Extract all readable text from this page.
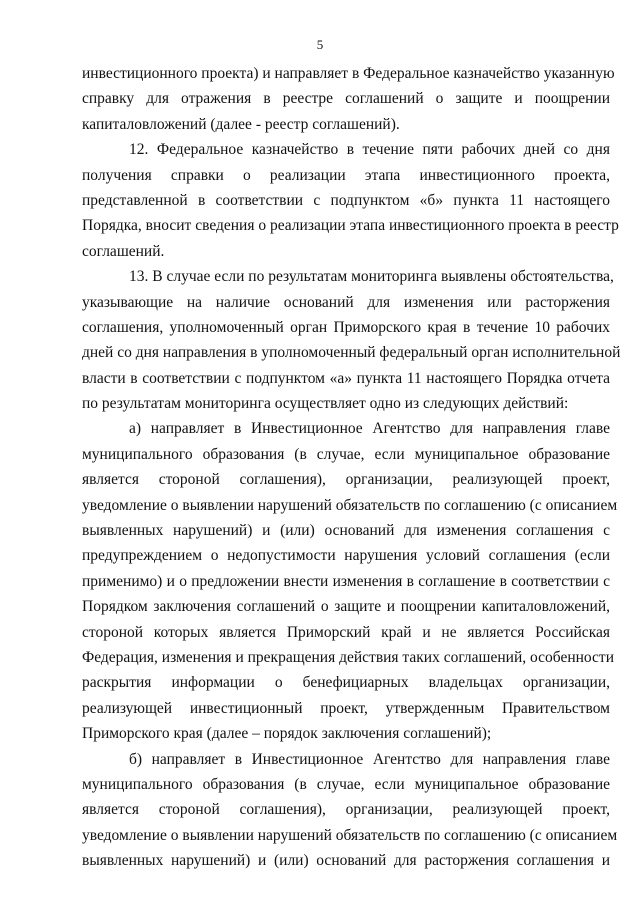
5
инвестиционного проекта) и направляет в Федеральное казначейство указанную
справку для отражения в реестре соглашений о защите и поощрении
капиталовложений (далее - реестр соглашений).
12. Федеральное казначейство в течение пяти рабочих дней со дня
получения справки о реализации этапа инвестиционного проекта,
представленной в соответствии с подпунктом «б» пункта 11 настоящего
Порядка, вносит сведения о реализации этапа инвестиционного проекта в реестр
соглашений.
13. В случае если по результатам мониторинга выявлены обстоятельства,
указывающие на наличие оснований для изменения или расторжения
соглашения, уполномоченный орган Приморского края в течение 10 рабочих
дней со дня направления в уполномоченный федеральный орган исполнительной
власти в соответствии с подпунктом «а» пункта 11 настоящего Порядка отчета
по результатам мониторинга осуществляет одно из следующих действий:
а) направляет в Инвестиционное Агентство для направления главе
муниципального образования (в случае, если муниципальное образование
является стороной соглашения), организации, реализующей проект,
уведомление о выявлении нарушений обязательств по соглашению (с описанием
выявленных нарушений) и (или) оснований для изменения соглашения с
предупреждением о недопустимости нарушения условий соглашения (если
применимо) и о предложении внести изменения в соглашение в соответствии с
Порядком заключения соглашений о защите и поощрении капиталовложений,
стороной которых является Приморский край и не является Российская
Федерация, изменения и прекращения действия таких соглашений, особенности
раскрытия информации о бенефициарных владельцах организации,
реализующей инвестиционный проект, утвержденным Правительством
Приморского края (далее – порядок заключения соглашений);
б) направляет в Инвестиционное Агентство для направления главе
муниципального образования (в случае, если муниципальное образование
является стороной соглашения), организации, реализующей проект,
уведомление о выявлении нарушений обязательств по соглашению (с описанием
выявленных нарушений) и (или) оснований для расторжения соглашения и
